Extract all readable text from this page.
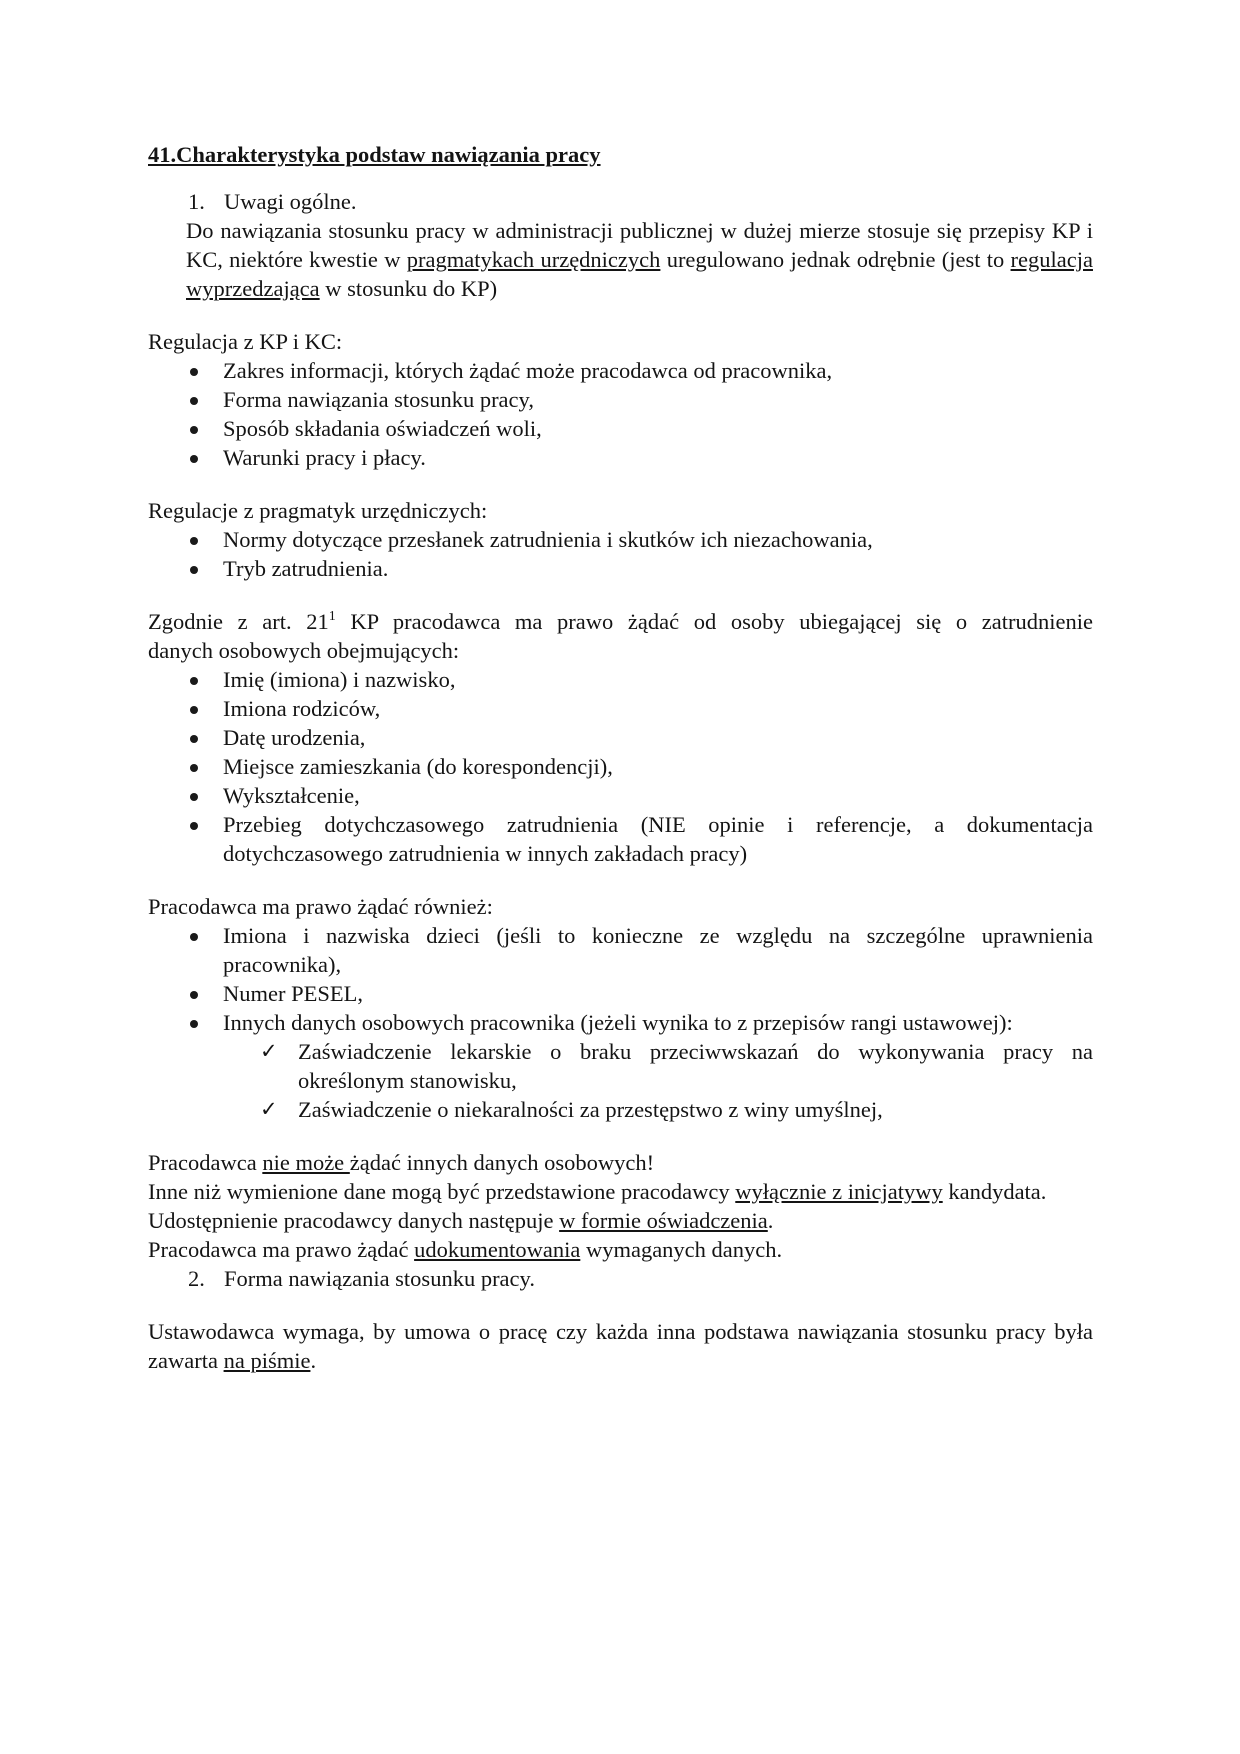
41.Charakterystyka podstaw nawiązania pracy
1. Uwagi ogólne.

Do nawiązania stosunku pracy w administracji publicznej w dużej mierze stosuje się przepisy KP i KC, niektóre kwestie w pragmatykach urzędniczych uregulowano jednak odrębnie (jest to regulacja wyprzedzająca w stosunku do KP)

Regulacja z KP i KC:

Zakres informacji, których żądać może pracodawca od pracownika,
Forma nawiązania stosunku pracy,
Sposób składania oświadczeń woli,
Warunki pracy i płacy.

Regulacje z pragmatyk urzędniczych:

Normy dotyczące przesłanek zatrudnienia i skutków ich niezachowania,
Tryb zatrudnienia.

Zgodnie z art. $21^1$ KP pracodawca ma prawo żądać od osoby ubiegającej się o zatrudnienie

danych osobowych obejmujących:

Imię (imiona) i nazwisko,
Imiona rodziców,
Datę urodzenia,
Miejsce zamieszkania (do korespondencji),
Wykształcenie,
Przebieg dotychczasowego zatrudnienia (NIE opinie i referencje, a dokumentacja dotychczasowego zatrudnienia w innych zakładach pracy)

Pracodawca ma prawo żądać również:

Imiona i nazwiska dzieci (jeśli to konieczne ze względu na szczególne uprawnienia pracownika),
Numer PESEL,
Innych danych osobowych pracownika (jeżeli wynika to z przepisów rangi ustawowej):
✓ Zaświadczenie lekarskie o braku przeciwwskazań do wykonywania pracy na określonym stanowisku,
✓ Zaświadczenie o niekaralności za przestępstwo z winy umyślnej,

Pracodawca nie może żądać innych danych osobowych!

Inne niż wymienione dane mogą być przedstawione pracodawcy wyłącznie z inicjatywy kandydata.

Udostępnienie pracodawcy danych następuje w formie oświadczenia.

Pracodawca ma prawo żądać udokumentowania wymaganych danych.

2. Forma nawiązania stosunku pracy.

Ustawodawca wymaga, by umowa o pracę czy każda inna podstawa nawiązania stosunku pracy była zawarta na piśmie.
